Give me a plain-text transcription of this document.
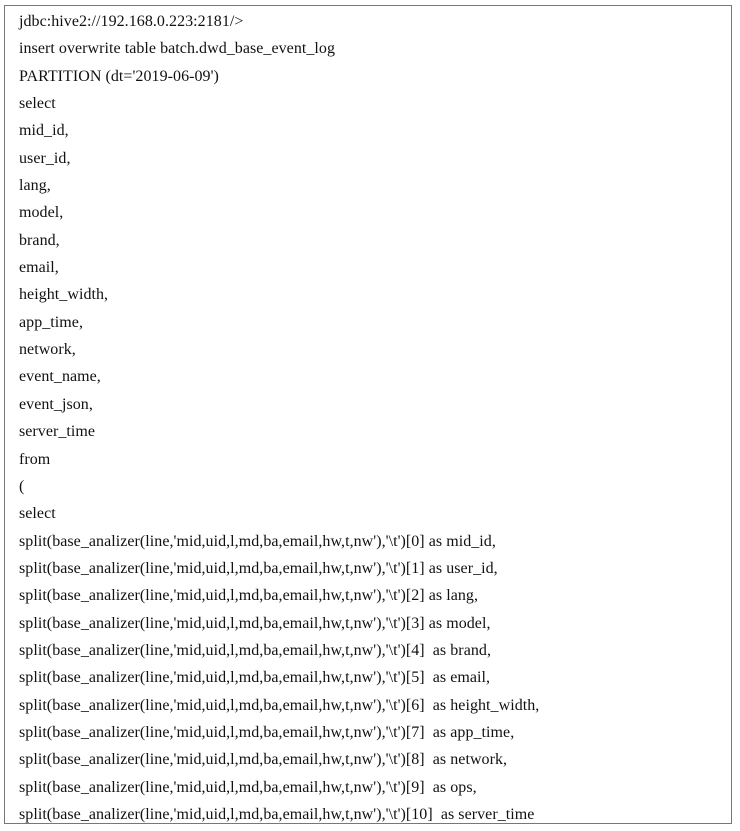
jdbc:hive2://192.168.0.223:2181/>
insert overwrite table batch.dwd_base_event_log
PARTITION (dt='2019-06-09')
select
mid_id,
user_id,
lang,
model,
brand,
email,
height_width,
app_time,
network,
event_name,
event_json,
server_time
from
(
select
split(base_analizer(line,'mid,uid,l,md,ba,email,hw,t,nw'),'\t')[0] as mid_id,
split(base_analizer(line,'mid,uid,l,md,ba,email,hw,t,nw'),'\t')[1] as user_id,
split(base_analizer(line,'mid,uid,l,md,ba,email,hw,t,nw'),'\t')[2] as lang,
split(base_analizer(line,'mid,uid,l,md,ba,email,hw,t,nw'),'\t')[3] as model,
split(base_analizer(line,'mid,uid,l,md,ba,email,hw,t,nw'),'\t')[4]  as brand,
split(base_analizer(line,'mid,uid,l,md,ba,email,hw,t,nw'),'\t')[5]  as email,
split(base_analizer(line,'mid,uid,l,md,ba,email,hw,t,nw'),'\t')[6]  as height_width,
split(base_analizer(line,'mid,uid,l,md,ba,email,hw,t,nw'),'\t')[7]  as app_time,
split(base_analizer(line,'mid,uid,l,md,ba,email,hw,t,nw'),'\t')[8]  as network,
split(base_analizer(line,'mid,uid,l,md,ba,email,hw,t,nw'),'\t')[9]  as ops,
split(base_analizer(line,'mid,uid,l,md,ba,email,hw,t,nw'),'\t')[10]  as server_time
